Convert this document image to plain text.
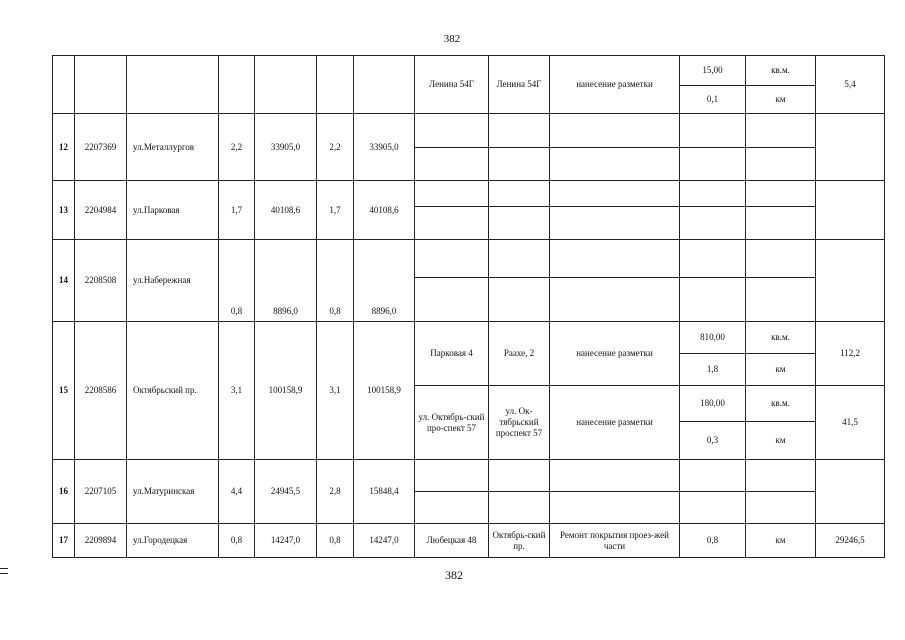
382
							Ленина 54Г	Ленина 54Г	нанесение разметки	15,00	кв.м.	5,4
										0,1	км	
12	2207369	ул.Металлургов	2,2	33905,0	2,2	33905,0						

13	2204984	ул.Парковая	1,7	40108,6	1,7	40108,6						

14	2208508	ул.Набережная	0,8	8896,0	0,8	8896,0						

15	2208586	Октябрьский пр.	3,1	100158,9	3,1	100158,9	Парковая 4	Раахе, 2	нанесение разметки	810,00	кв.м.	112,2
										1,8	км	
							ул. Октябрь-ский про-спект 57	ул. Ок-тябрьский проспект 57	нанесение разметки	180,00	кв.м.	41,5
										0,3	км	
16	2207105	ул.Матуринская	4,4	24945,5	2,8	15848,4						

17	2209894	ул.Городецкая	0,8	14247,0	0,8	14247,0	Любецкая 48	Октябрь-ский пр.	Ремонт покрытия проез-жей части	0,8	км	29246,5
382
